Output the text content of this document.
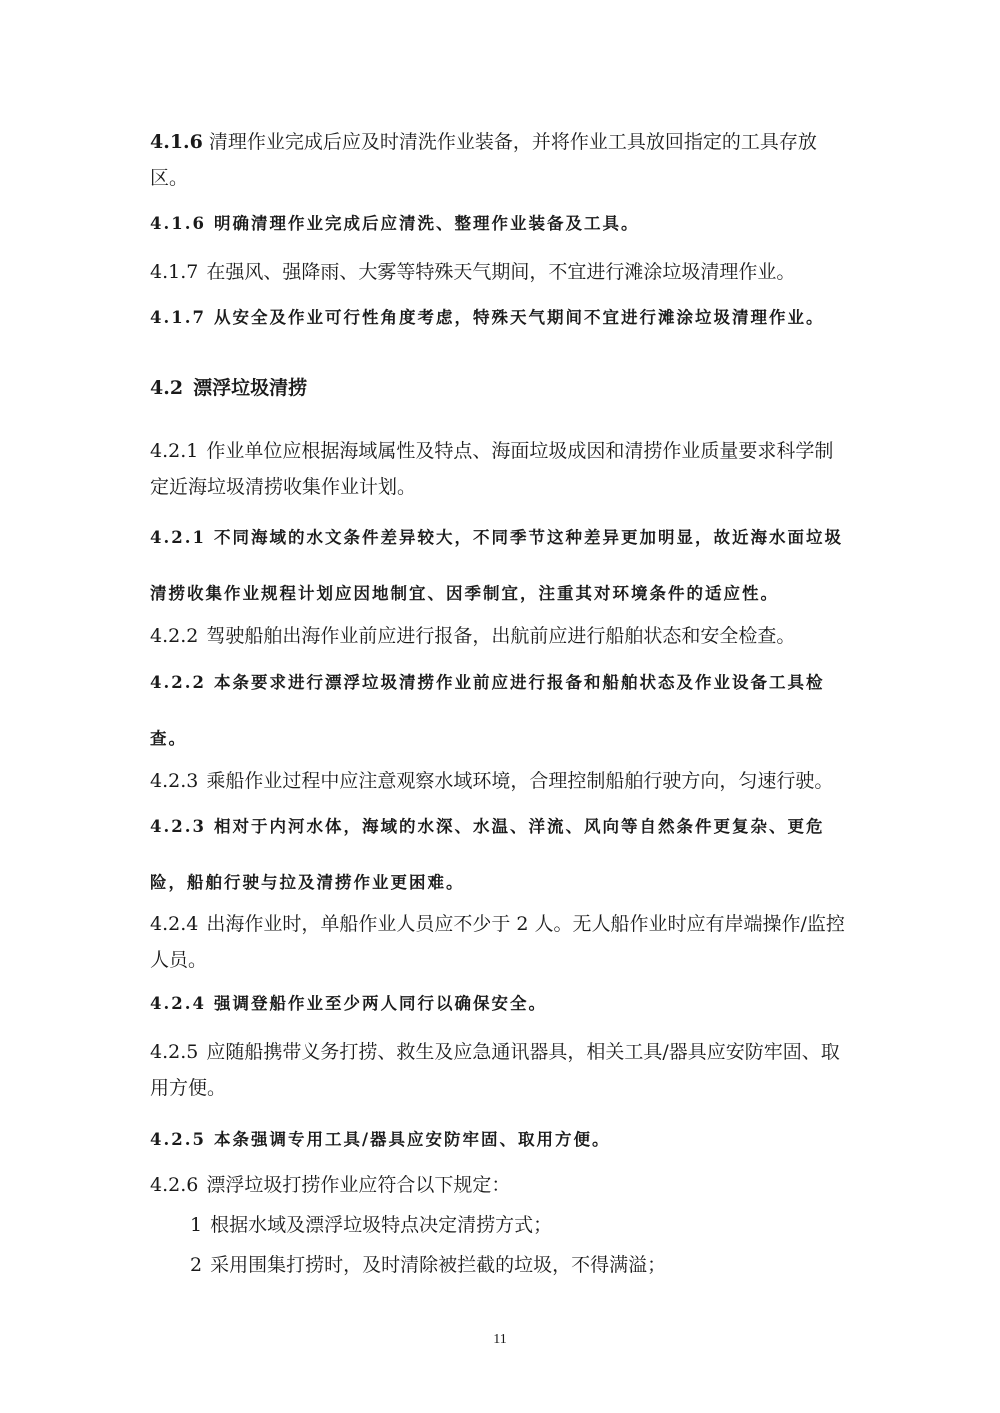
4.1.6 清理作业完成后应及时清洗作业装备，并将作业工具放回指定的工具存放区。

4.1.6 明确清理作业完成后应清洗、整理作业装备及工具。

4.1.7 在强风、强降雨、大雾等特殊天气期间，不宜进行滩涂垃圾清理作业。

4.1.7 从安全及作业可行性角度考虑，特殊天气期间不宜进行滩涂垃圾清理作业。

4.2 漂浮垃圾清捞

4.2.1 作业单位应根据海域属性及特点、海面垃圾成因和清捞作业质量要求科学制定近海垃圾清捞收集作业计划。

4.2.1 不同海域的水文条件差异较大，不同季节这种差异更加明显，故近海水面垃圾清捞收集作业规程计划应因地制宜、因季制宜，注重其对环境条件的适应性。

4.2.2 驾驶船舶出海作业前应进行报备，出航前应进行船舶状态和安全检查。

4.2.2 本条要求进行漂浮垃圾清捞作业前应进行报备和船舶状态及作业设备工具检查。

4.2.3 乘船作业过程中应注意观察水域环境，合理控制船舶行驶方向，匀速行驶。

4.2.3 相对于内河水体，海域的水深、水温、洋流、风向等自然条件更复杂、更危险，船舶行驶与拉及清捞作业更困难。

4.2.4 出海作业时，单船作业人员应不少于 2 人。无人船作业时应有岸端操作/监控人员。

4.2.4 强调登船作业至少两人同行以确保安全。

4.2.5 应随船携带义务打捞、救生及应急通讯器具，相关工具/器具应安防牢固、取用方便。

4.2.5 本条强调专用工具/器具应安防牢固、取用方便。

4.2.6 漂浮垃圾打捞作业应符合以下规定：

1 根据水域及漂浮垃圾特点决定清捞方式；

2 采用围集打捞时，及时清除被拦截的垃圾，不得满溢；

11
